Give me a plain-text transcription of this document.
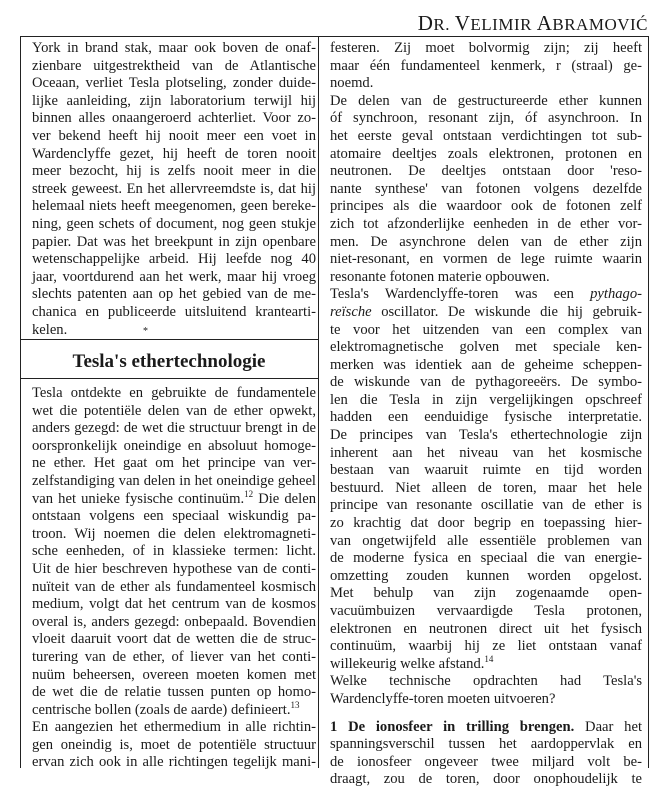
DR. VELIMIR ABRAMOVIĆ
York in brand stak, maar ook boven de onaf-
zienbare uitgestrektheid van de Atlantische
Oceaan, verliet Tesla plotseling, zonder duide-
lijke aanleiding, zijn laboratorium terwijl hij
binnen alles onaangeroerd achterliet. Voor zo-
ver bekend heeft hij nooit meer een voet in
Wardenclyffe gezet, hij heeft de toren nooit
meer bezocht, hij is zelfs nooit meer in die
streek geweest. En het allervreemdste is, dat hij
helemaal niets heeft meegenomen, geen bereke-
ning, geen schets of document, nog geen stukje
papier. Dat was het breekpunt in zijn openbare
wetenschappelijke arbeid. Hij leefde nog 40
jaar, voortdurend aan het werk, maar hij vroeg
slechts patenten aan op het gebied van de me-
chanica en publiceerde uitsluitend krantearti-
kelen.	*
Tesla's ethertechnologie
Tesla ontdekte en gebruikte de fundamentele
wet die potentiële delen van de ether opwekt,
anders gezegd: de wet die structuur brengt in de
oorspronkelijk oneindige en absoluut homoge-
ne ether. Het gaat om het principe van ver-
zelfstandiging van delen in het oneindige geheel
van het unieke fysische continuüm.$^{12}$ Die delen
ontstaan volgens een speciaal wiskundig pa-
troon. Wij noemen die delen elektromagneti-
sche eenheden, of in klassieke termen: licht.
Uit de hier beschreven hypothese van de conti-
nuïteit van de ether als fundamenteel kosmisch
medium, volgt dat het centrum van de kosmos
overal is, anders gezegd: onbepaald. Bovendien
vloeit daaruit voort dat de wetten die de struc-
turering van de ether, of liever van het conti-
nuüm beheersen, overeen moeten komen met
de wet die de relatie tussen punten op homo-
centrische bollen (zoals de aarde) definieert.$^{13}$
En aangezien het ethermedium in alle richtin-
gen oneindig is, moet de potentiële structuur
ervan zich ook in alle richtingen tegelijk mani-
festeren. Zij moet bolvormig zijn; zij heeft
maar één fundamenteel kenmerk, r (straal) ge-
noemd.
De delen van de gestructureerde ether kunnen
óf synchroon, resonant zijn, óf asynchroon. In
het eerste geval ontstaan verdichtingen tot sub-
atomaire deeltjes zoals elektronen, protonen en
neutronen. De deeltjes ontstaan door 'reso-
nante synthese' van fotonen volgens dezelfde
principes als die waardoor ook de fotonen zelf
zich tot afzonderlijke eenheden in de ether vor-
men. De asynchrone delen van de ether zijn
niet-resonant, en vormen de lege ruimte waarin
resonante fotonen materie opbouwen.
Tesla's Wardenclyffe-toren was een pythago-
reïsche oscillator. De wiskunde die hij gebruik-
te voor het uitzenden van een complex van
elektromagnetische golven met speciale ken-
merken was identiek aan de geheime scheppen-
de wiskunde van de pythagoreeërs. De symbo-
len die Tesla in zijn vergelijkingen opschreef
hadden een eenduidige fysische interpretatie.
De principes van Tesla's ethertechnologie zijn
inherent aan het niveau van het kosmische
bestaan van waaruit ruimte en tijd worden
bestuurd. Niet alleen de toren, maar het hele
principe van resonante oscillatie van de ether is
zo krachtig dat door begrip en toepassing hier-
van ongetwijfeld alle essentiële problemen van
de moderne fysica en speciaal die van energie-
omzetting zouden kunnen worden opgelost.
Met behulp van zijn zogenaamde open-
vacuümbuizen vervaardigde Tesla protonen,
elektronen en neutronen direct uit het fysisch
continuüm, waarbij hij ze liet ontstaan vanaf
willekeurig welke afstand.$^{14}$
Welke technische opdrachten had Tesla's
Wardenclyffe-toren moeten uitvoeren?
1 De ionosfeer in trilling brengen. Daar het
spanningsverschil tussen het aardoppervlak en
de ionosfeer ongeveer twee miljard volt be-
draagt, zou de toren, door onophoudelijk te
